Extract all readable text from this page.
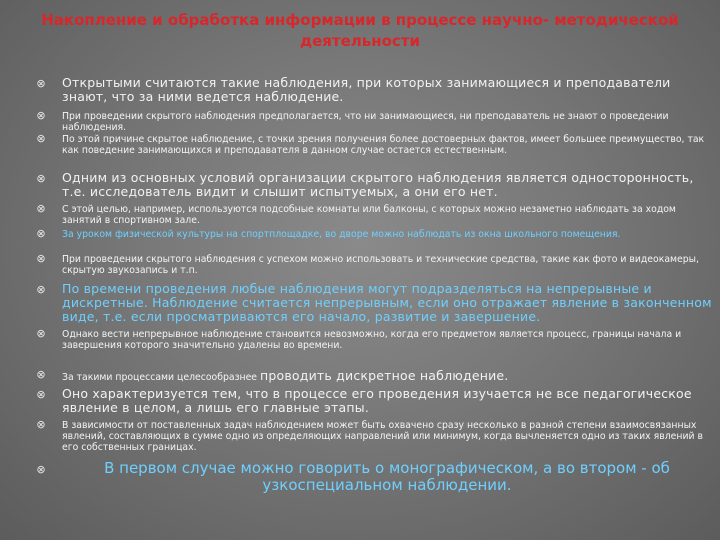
Накопление и обработка информации в процессе научно- методической деятельности
⊗ Открытыми считаются такие наблюдения, при которых занимающиеся и преподаватели знают, что за ними ведется наблюдение.
⊗ При проведении скрытого наблюдения предполагается, что ни занимающиеся, ни преподаватель не знают о проведении наблюдения.
⊗ По этой причине скрытое наблюдение, с точки зрения получения более достоверных фактов, имеет большее преимущество, так как поведение занимающихся и преподавателя в данном случае остается естественным.
⊗ Одним из основных условий организации скрытого наблюдения является односторонность, т.е. исследователь видит и слышит испытуемых, а они его нет.
⊗ С этой целью, например, используются подсобные комнаты или балконы, с которых можно незаметно наблюдать за ходом занятий в спортивном зале.
⊗ За уроком физической культуры на спортплощадке, во дворе можно наблюдать из окна школьного помещения.
⊗ При проведении скрытого наблюдения с успехом можно использовать и технические средства, такие как фото и видеокамеры, скрытую звукозапись и т.п.
⊗ По времени проведения любые наблюдения могут подразделяться на непрерывные и дискретные. Наблюдение считается непрерывным, если оно отражает явление в законченном виде, т.е. если просматриваются его начало, развитие и завершение.
⊗ Однако вести непрерывное наблюдение становится невозможно, когда его предметом является процесс, границы начала и завершения которого значительно удалены во времени.
⊗ За такими процессами целесообразнее проводить дискретное наблюдение.
⊗ Оно характеризуется тем, что в процессе его проведения изучается не все педагогическое явление в целом, а лишь его главные этапы.
⊗ В зависимости от поставленных задач наблюдением может быть охвачено сразу несколько в разной степени взаимосвязанных явлений, составляющих в сумме одно из определяющих направлений или минимум, когда вычленяется одно из таких явлений в его собственных границах.
⊗	В первом случае можно говорить о монографическом, а во втором - об узкоспециальном наблюдении.
